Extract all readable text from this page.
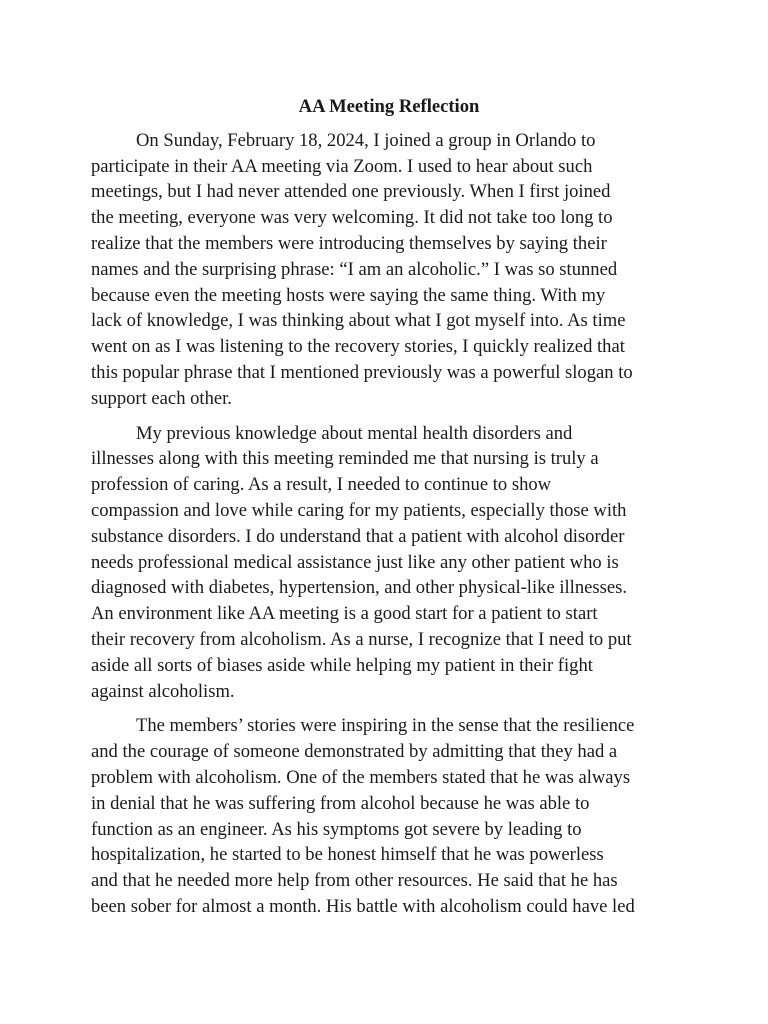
AA Meeting Reflection

On Sunday, February 18, 2024, I joined a group in Orlando to
participate in their AA meeting via Zoom. I used to hear about such
meetings, but I had never attended one previously. When I first joined
the meeting, everyone was very welcoming. It did not take too long to
realize that the members were introducing themselves by saying their
names and the surprising phrase: “I am an alcoholic.” I was so stunned
because even the meeting hosts were saying the same thing. With my
lack of knowledge, I was thinking about what I got myself into. As time
went on as I was listening to the recovery stories, I quickly realized that
this popular phrase that I mentioned previously was a powerful slogan to
support each other.

My previous knowledge about mental health disorders and
illnesses along with this meeting reminded me that nursing is truly a
profession of caring. As a result, I needed to continue to show
compassion and love while caring for my patients, especially those with
substance disorders. I do understand that a patient with alcohol disorder
needs professional medical assistance just like any other patient who is
diagnosed with diabetes, hypertension, and other physical-like illnesses.
An environment like AA meeting is a good start for a patient to start
their recovery from alcoholism. As a nurse, I recognize that I need to put
aside all sorts of biases aside while helping my patient in their fight
against alcoholism.

The members’ stories were inspiring in the sense that the resilience
and the courage of someone demonstrated by admitting that they had a
problem with alcoholism. One of the members stated that he was always
in denial that he was suffering from alcohol because he was able to
function as an engineer. As his symptoms got severe by leading to
hospitalization, he started to be honest himself that he was powerless
and that he needed more help from other resources. He said that he has
been sober for almost a month. His battle with alcoholism could have led
